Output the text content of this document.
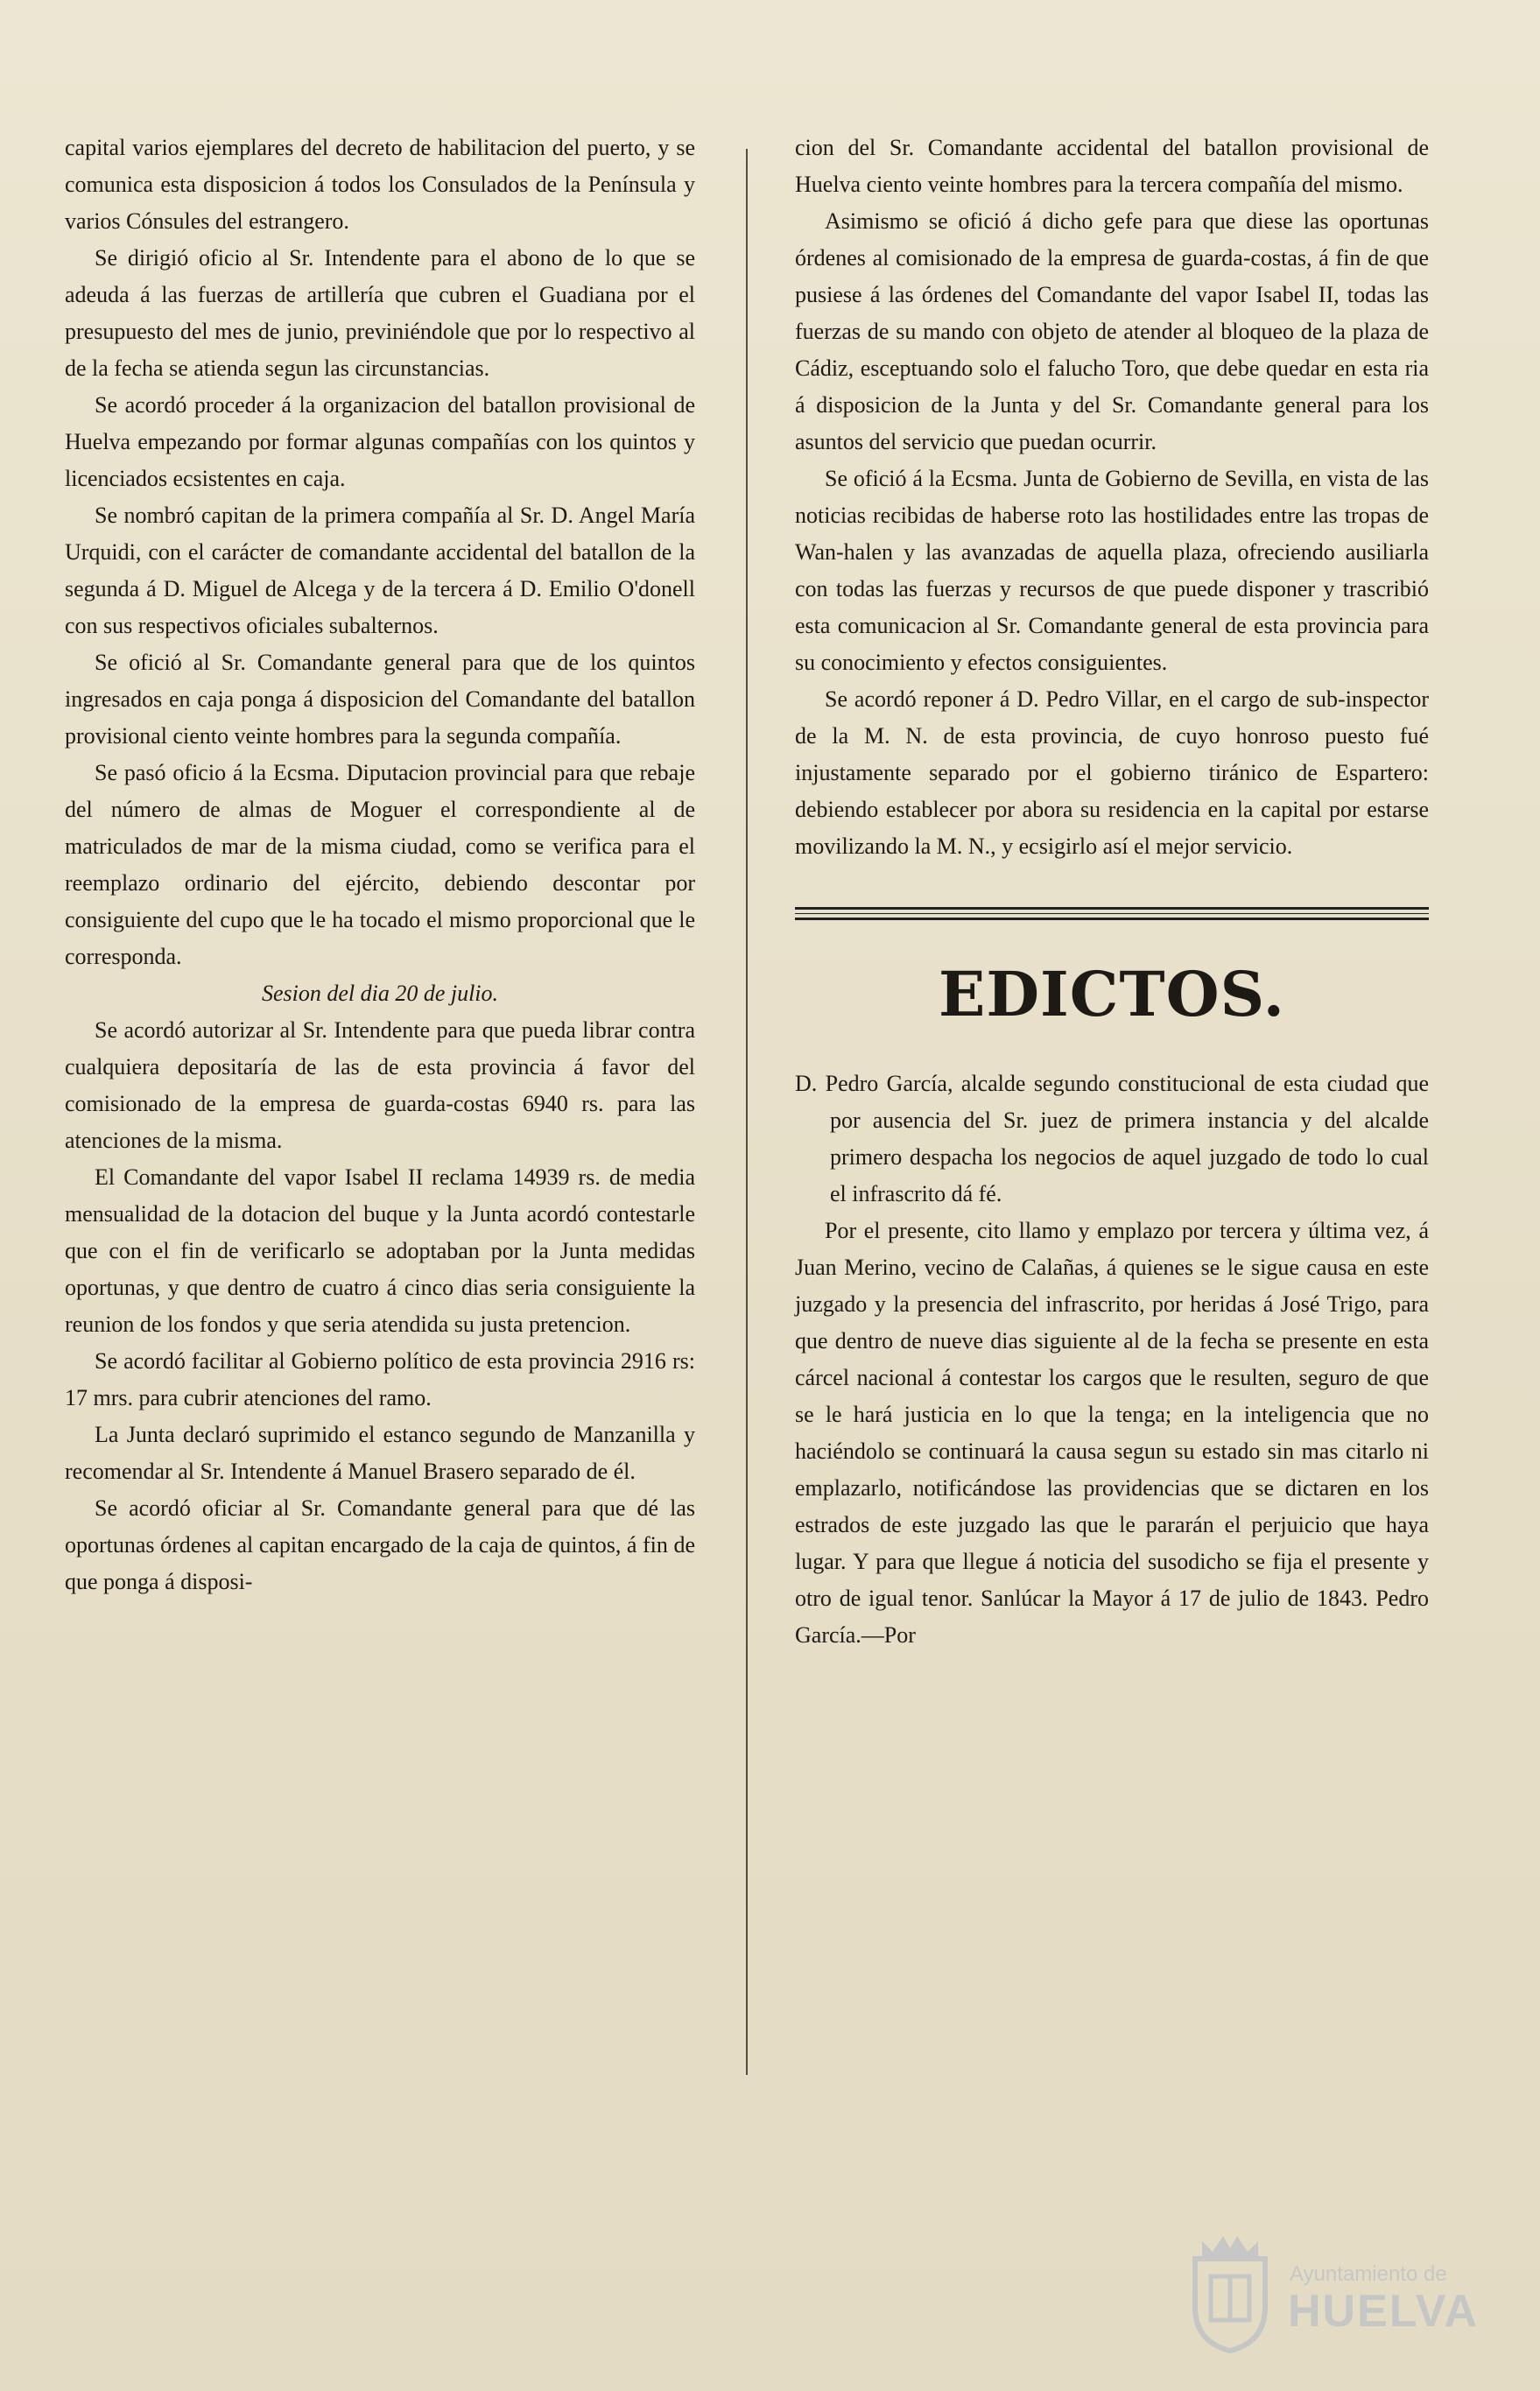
capital varios ejemplares del decreto de habilitacion del puerto, y se comunica esta disposicion á todos los Consulados de la Península y varios Cónsules del estrangero.

Se dirigió oficio al Sr. Intendente para el abono de lo que se adeuda á las fuerzas de artillería que cubren el Guadiana por el presupuesto del mes de junio, previniéndole que por lo respectivo al de la fecha se atienda segun las circunstancias.

Se acordó proceder á la organizacion del batallon provisional de Huelva empezando por formar algunas compañías con los quintos y licenciados ecsistentes en caja.

Se nombró capitan de la primera compañía al Sr. D. Angel María Urquidi, con el carácter de comandante accidental del batallon de la segunda á D. Miguel de Alcega y de la tercera á D. Emilio O'donell con sus respectivos oficiales subalternos.

Se ofició al Sr. Comandante general para que de los quintos ingresados en caja ponga á disposicion del Comandante del batallon provisional ciento veinte hombres para la segunda compañía.

Se pasó oficio á la Ecsma. Diputacion provincial para que rebaje del número de almas de Moguer el correspondiente al de matriculados de mar de la misma ciudad, como se verifica para el reemplazo ordinario del ejército, debiendo descontar por consiguiente del cupo que le ha tocado el mismo proporcional que le corresponda.

Sesion del dia 20 de julio.

Se acordó autorizar al Sr. Intendente para que pueda librar contra cualquiera depositaría de las de esta provincia á favor del comisionado de la empresa de guarda-costas 6940 rs. para las atenciones de la misma.

El Comandante del vapor Isabel II reclama 14939 rs. de media mensualidad de la dotacion del buque y la Junta acordó contestarle que con el fin de verificarlo se adoptaban por la Junta medidas oportunas, y que dentro de cuatro á cinco dias seria consiguiente la reunion de los fondos y que seria atendida su justa pretencion.

Se acordó facilitar al Gobierno político de esta provincia 2916 rs: 17 mrs. para cubrir atenciones del ramo.

La Junta declaró suprimido el estanco segundo de Manzanilla y recomendar al Sr. Intendente á Manuel Brasero separado de él.

Se acordó oficiar al Sr. Comandante general para que dé las oportunas órdenes al capitan encargado de la caja de quintos, á fin de que ponga á disposi-

cion del Sr. Comandante accidental del batallon provisional de Huelva ciento veinte hombres para la tercera compañía del mismo.

Asimismo se ofició á dicho gefe para que diese las oportunas órdenes al comisionado de la empresa de guarda-costas, á fin de que pusiese á las órdenes del Comandante del vapor Isabel II, todas las fuerzas de su mando con objeto de atender al bloqueo de la plaza de Cádiz, esceptuando solo el falucho Toro, que debe quedar en esta ria á disposicion de la Junta y del Sr. Comandante general para los asuntos del servicio que puedan ocurrir.

Se ofició á la Ecsma. Junta de Gobierno de Sevilla, en vista de las noticias recibidas de haberse roto las hostilidades entre las tropas de Wan-halen y las avanzadas de aquella plaza, ofreciendo ausiliarla con todas las fuerzas y recursos de que puede disponer y trascribió esta comunicacion al Sr. Comandante general de esta provincia para su conocimiento y efectos consiguientes.

Se acordó reponer á D. Pedro Villar, en el cargo de sub-inspector de la M. N. de esta provincia, de cuyo honroso puesto fué injustamente separado por el gobierno tiránico de Espartero: debiendo establecer por abora su residencia en la capital por estarse movilizando la M. N., y ecsigirlo así el mejor servicio.

EDICTOS.

D. Pedro García, alcalde segundo constitucional de esta ciudad que por ausencia del Sr. juez de primera instancia y del alcalde primero despacha los negocios de aquel juzgado de todo lo cual el infrascrito dá fé.

Por el presente, cito llamo y emplazo por tercera y última vez, á Juan Merino, vecino de Calañas, á quienes se le sigue causa en este juzgado y la presencia del infrascrito, por heridas á José Trigo, para que dentro de nueve dias siguiente al de la fecha se presente en esta cárcel nacional á contestar los cargos que le resulten, seguro de que se le hará justicia en lo que la tenga; en la inteligencia que no haciéndolo se continuará la causa segun su estado sin mas citarlo ni emplazarlo, notificándose las providencias que se dictaren en los estrados de este juzgado las que le pararán el perjuicio que haya lugar. Y para que llegue á noticia del susodicho se fija el presente y otro de igual tenor. Sanlúcar la Mayor á 17 de julio de 1843. Pedro García.—Por

Ayuntamiento de
HUELVA
